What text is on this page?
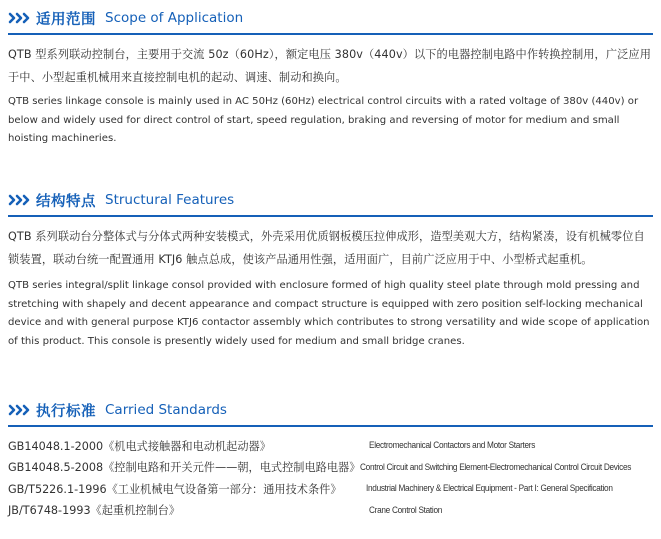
适用范围 Scope of Application
QTB 型系列联动控制台，主要用于交流 50z（60Hz），额定电压 380v（440v）以下的电器控制电路中作转换控制用，广泛应用于中、小型起重机械用来直接控制电机的起动、调速、制动和换向。
QTB series linkage console is mainly used in AC 50Hz (60Hz) electrical control circuits with a rated voltage of 380v (440v) or below and widely used for direct control of start, speed regulation, braking and reversing of motor for medium and small hoisting machineries.
结构特点 Structural Features
QTB 系列联动台分整体式与分体式两种安装模式，外壳采用优质钢板模压拉伸成形，造型美观大方，结构紧凑，设有机械零位自锁装置，联动台统一配置通用 KTJ6 触点总成，使该产品通用性强，适用面广，目前广泛应用于中、小型桥式起重机。
QTB series integral/split linkage consol provided with enclosure formed of high quality steel plate through mold pressing and stretching with shapely and decent appearance and compact structure is equipped with zero position self-locking mechanical device and with general purpose KTJ6 contactor assembly which contributes to strong versatility and wide scope of application of this product. This console is presently widely used for medium and small bridge cranes.
执行标准 Carried Standards
GB14048.1-2000《机电式接触器和电动机起动器》	Electromechanical Contactors and Motor Starters
GB14048.5-2008《控制电路和开关元件——朝，电式控制电路电器》 Control Circuit and Switching Element-Electromechanical Control Circuit Devices
GB/T5226.1-1996《工业机械电气设备第一部分：通用技术条件》	Industrial Machinery & Electrical Equipment - Part I: General Specification
JB/T6748-1993《起重机控制台》	Crane Control Station
